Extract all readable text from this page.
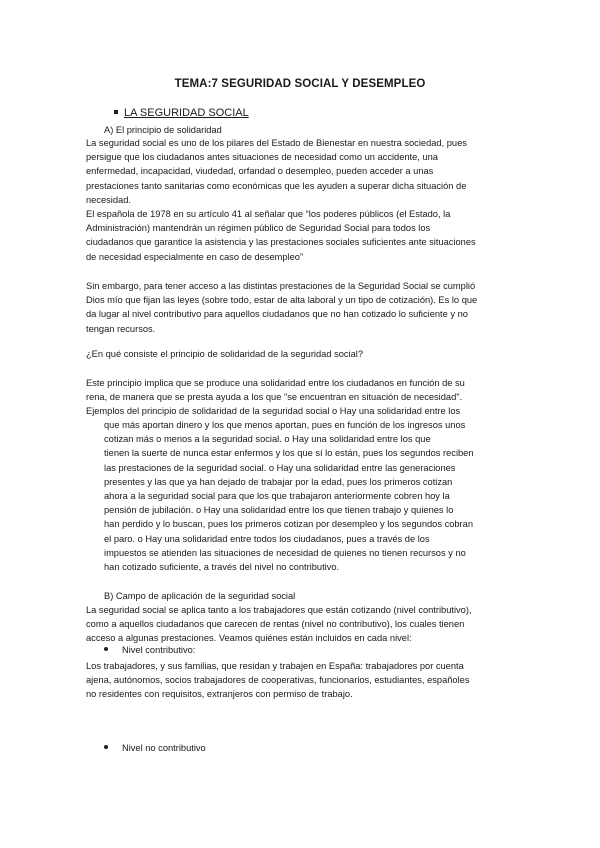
TEMA:7 SEGURIDAD SOCIAL Y DESEMPLEO
LA SEGURIDAD SOCIAL
A) El principio de solidaridad
La seguridad social es uno de los pilares del Estado de Bienestar en nuestra sociedad, pues
persigue que los ciudadanos antes situaciones de necesidad como un accidente, una
enfermedad, incapacidad, viudedad, orfandad o desempleo, pueden acceder a unas
prestaciones tanto sanitarias como económicas que les ayuden a superar dicha situación de
necesidad.
El española de 1978 en su artículo 41 al señalar que “los poderes públicos (el Estado, la
Administración) mantendrán un régimen público de Seguridad Social para todos los
ciudadanos que garantice la asistencia y las prestaciones sociales suficientes ante situaciones
de necesidad especialmente en caso de desempleo”
Sin embargo, para tener acceso a las distintas prestaciones de la Seguridad Social se cumplió
Dios mío que fijan las leyes (sobre todo, estar de alta laboral y un tipo de cotización). Es lo que
da lugar al nivel contributivo para aquellos ciudadanos que no han cotizado lo suficiente y no
tengan recursos.
¿En qué consiste el principio de solidaridad de la seguridad social?
Este principio implica que se produce una solidaridad entre los ciudadanos en función de su
rena, de manera que se presta ayuda a los que "se encuentran en situación de necesidad".
Ejemplos del principio de solidaridad de la seguridad social o Hay una solidaridad entre los
que más aportan dinero y los que menos aportan, pues en función de los ingresos unos
cotizan más o menos a la seguridad social. o Hay una solidaridad entre los que
tienen la suerte de nunca estar enfermos y los que sí lo están, pues los segundos reciben
las prestaciones de la seguridad social. o Hay una solidaridad entre las generaciones
presentes y las que ya han dejado de trabajar por la edad, pues los primeros cotizan
ahora a la seguridad social para que los que trabajaron anteriormente cobren hoy la
pensión de jubilación. o Hay una solidaridad entre los que tienen trabajo y quienes lo
han perdido y lo buscan, pues los primeros cotizan por desempleo y los segundos cobran
el paro. o Hay una solidaridad entre todos los ciudadanos, pues a través de los
impuestos se atienden las situaciones de necesidad de quienes no tienen recursos y no
han cotizado suficiente, a través del nivel no contributivo.
B) Campo de aplicación de la seguridad social
La seguridad social se aplica tanto a los trabajadores que están cotizando (nivel contributivo),
como a aquellos ciudadanos que carecen de rentas (nivel no contributivo), los cuales tienen
acceso a algunas prestaciones. Veamos quiénes están incluidos en cada nivel:
Nivel contributivo:
Los trabajadores, y sus familias, que residan y trabajen en España: trabajadores por cuenta
ajena, autónomos, socios trabajadores de cooperativas, funcionarios, estudiantes, españoles
no residentes con requisitos, extranjeros con permiso de trabajo.
Nivel no contributivo
